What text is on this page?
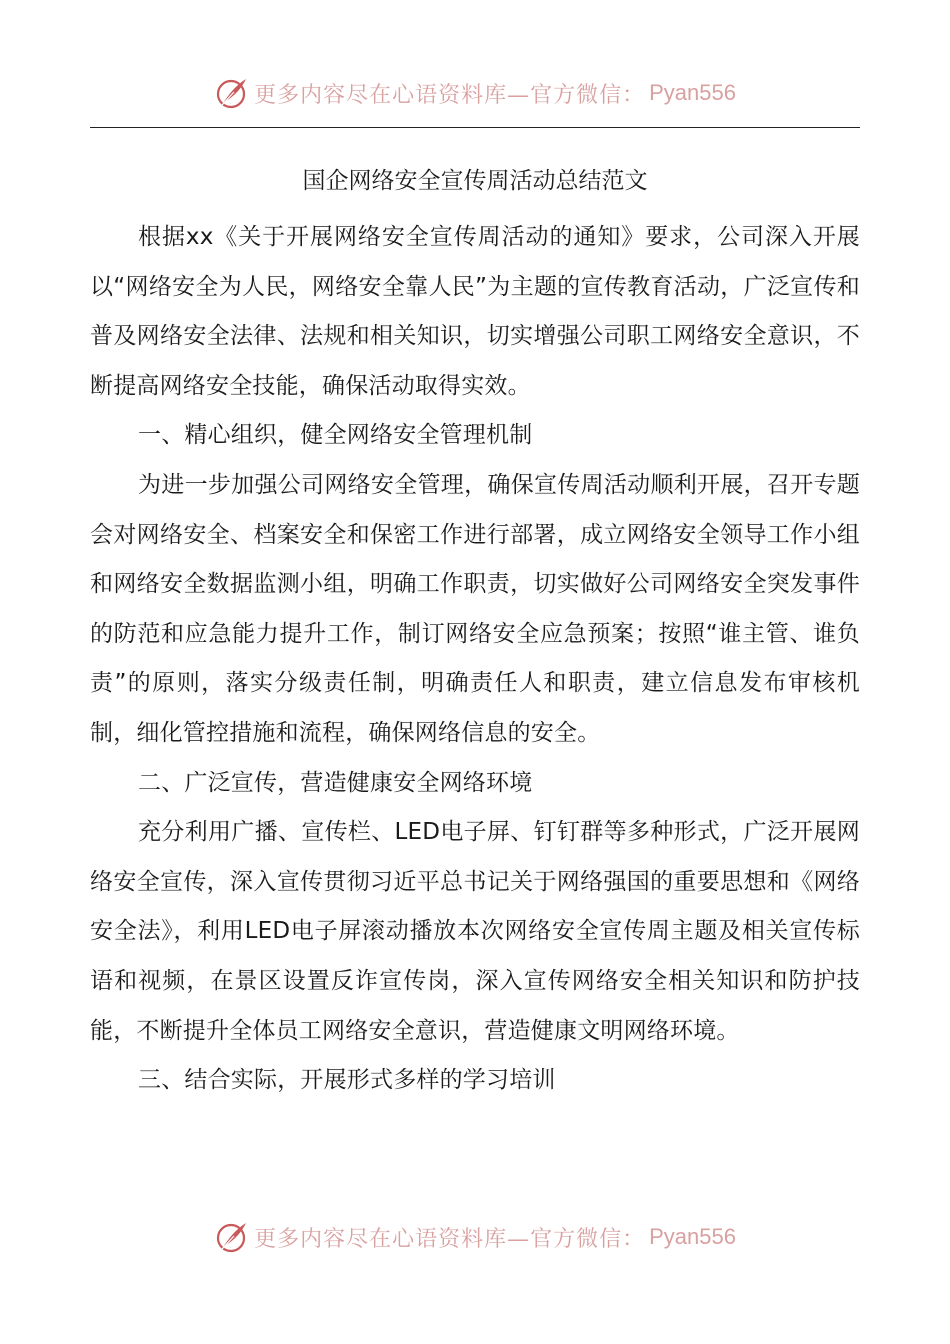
更多内容尽在心语资料库—官方微信： Pyan556
国企网络安全宣传周活动总结范文

根据xx《关于开展网络安全宣传周活动的通知》要求，公司深入开展以“网络安全为人民，网络安全靠人民”为主题的宣传教育活动，广泛宣传和普及网络安全法律、法规和相关知识，切实增强公司职工网络安全意识，不断提高网络安全技能，确保活动取得实效。

一、精心组织，健全网络安全管理机制

为进一步加强公司网络安全管理，确保宣传周活动顺利开展，召开专题会对网络安全、档案安全和保密工作进行部署，成立网络安全领导工作小组和网络安全数据监测小组，明确工作职责，切实做好公司网络安全突发事件的防范和应急能力提升工作，制订网络安全应急预案；按照“谁主管、谁负责”的原则，落实分级责任制，明确责任人和职责，建立信息发布审核机制，细化管控措施和流程，确保网络信息的安全。

二、广泛宣传，营造健康安全网络环境

充分利用广播、宣传栏、LED电子屏、钉钉群等多种形式，广泛开展网络安全宣传，深入宣传贯彻习近平总书记关于网络强国的重要思想和《网络安全法》，利用LED电子屏滚动播放本次网络安全宣传周主题及相关宣传标语和视频，在景区设置反诈宣传岗，深入宣传网络安全相关知识和防护技能，不断提升全体员工网络安全意识，营造健康文明网络环境。

三、结合实际，开展形式多样的学习培训

更多内容尽在心语资料库—官方微信： Pyan556
